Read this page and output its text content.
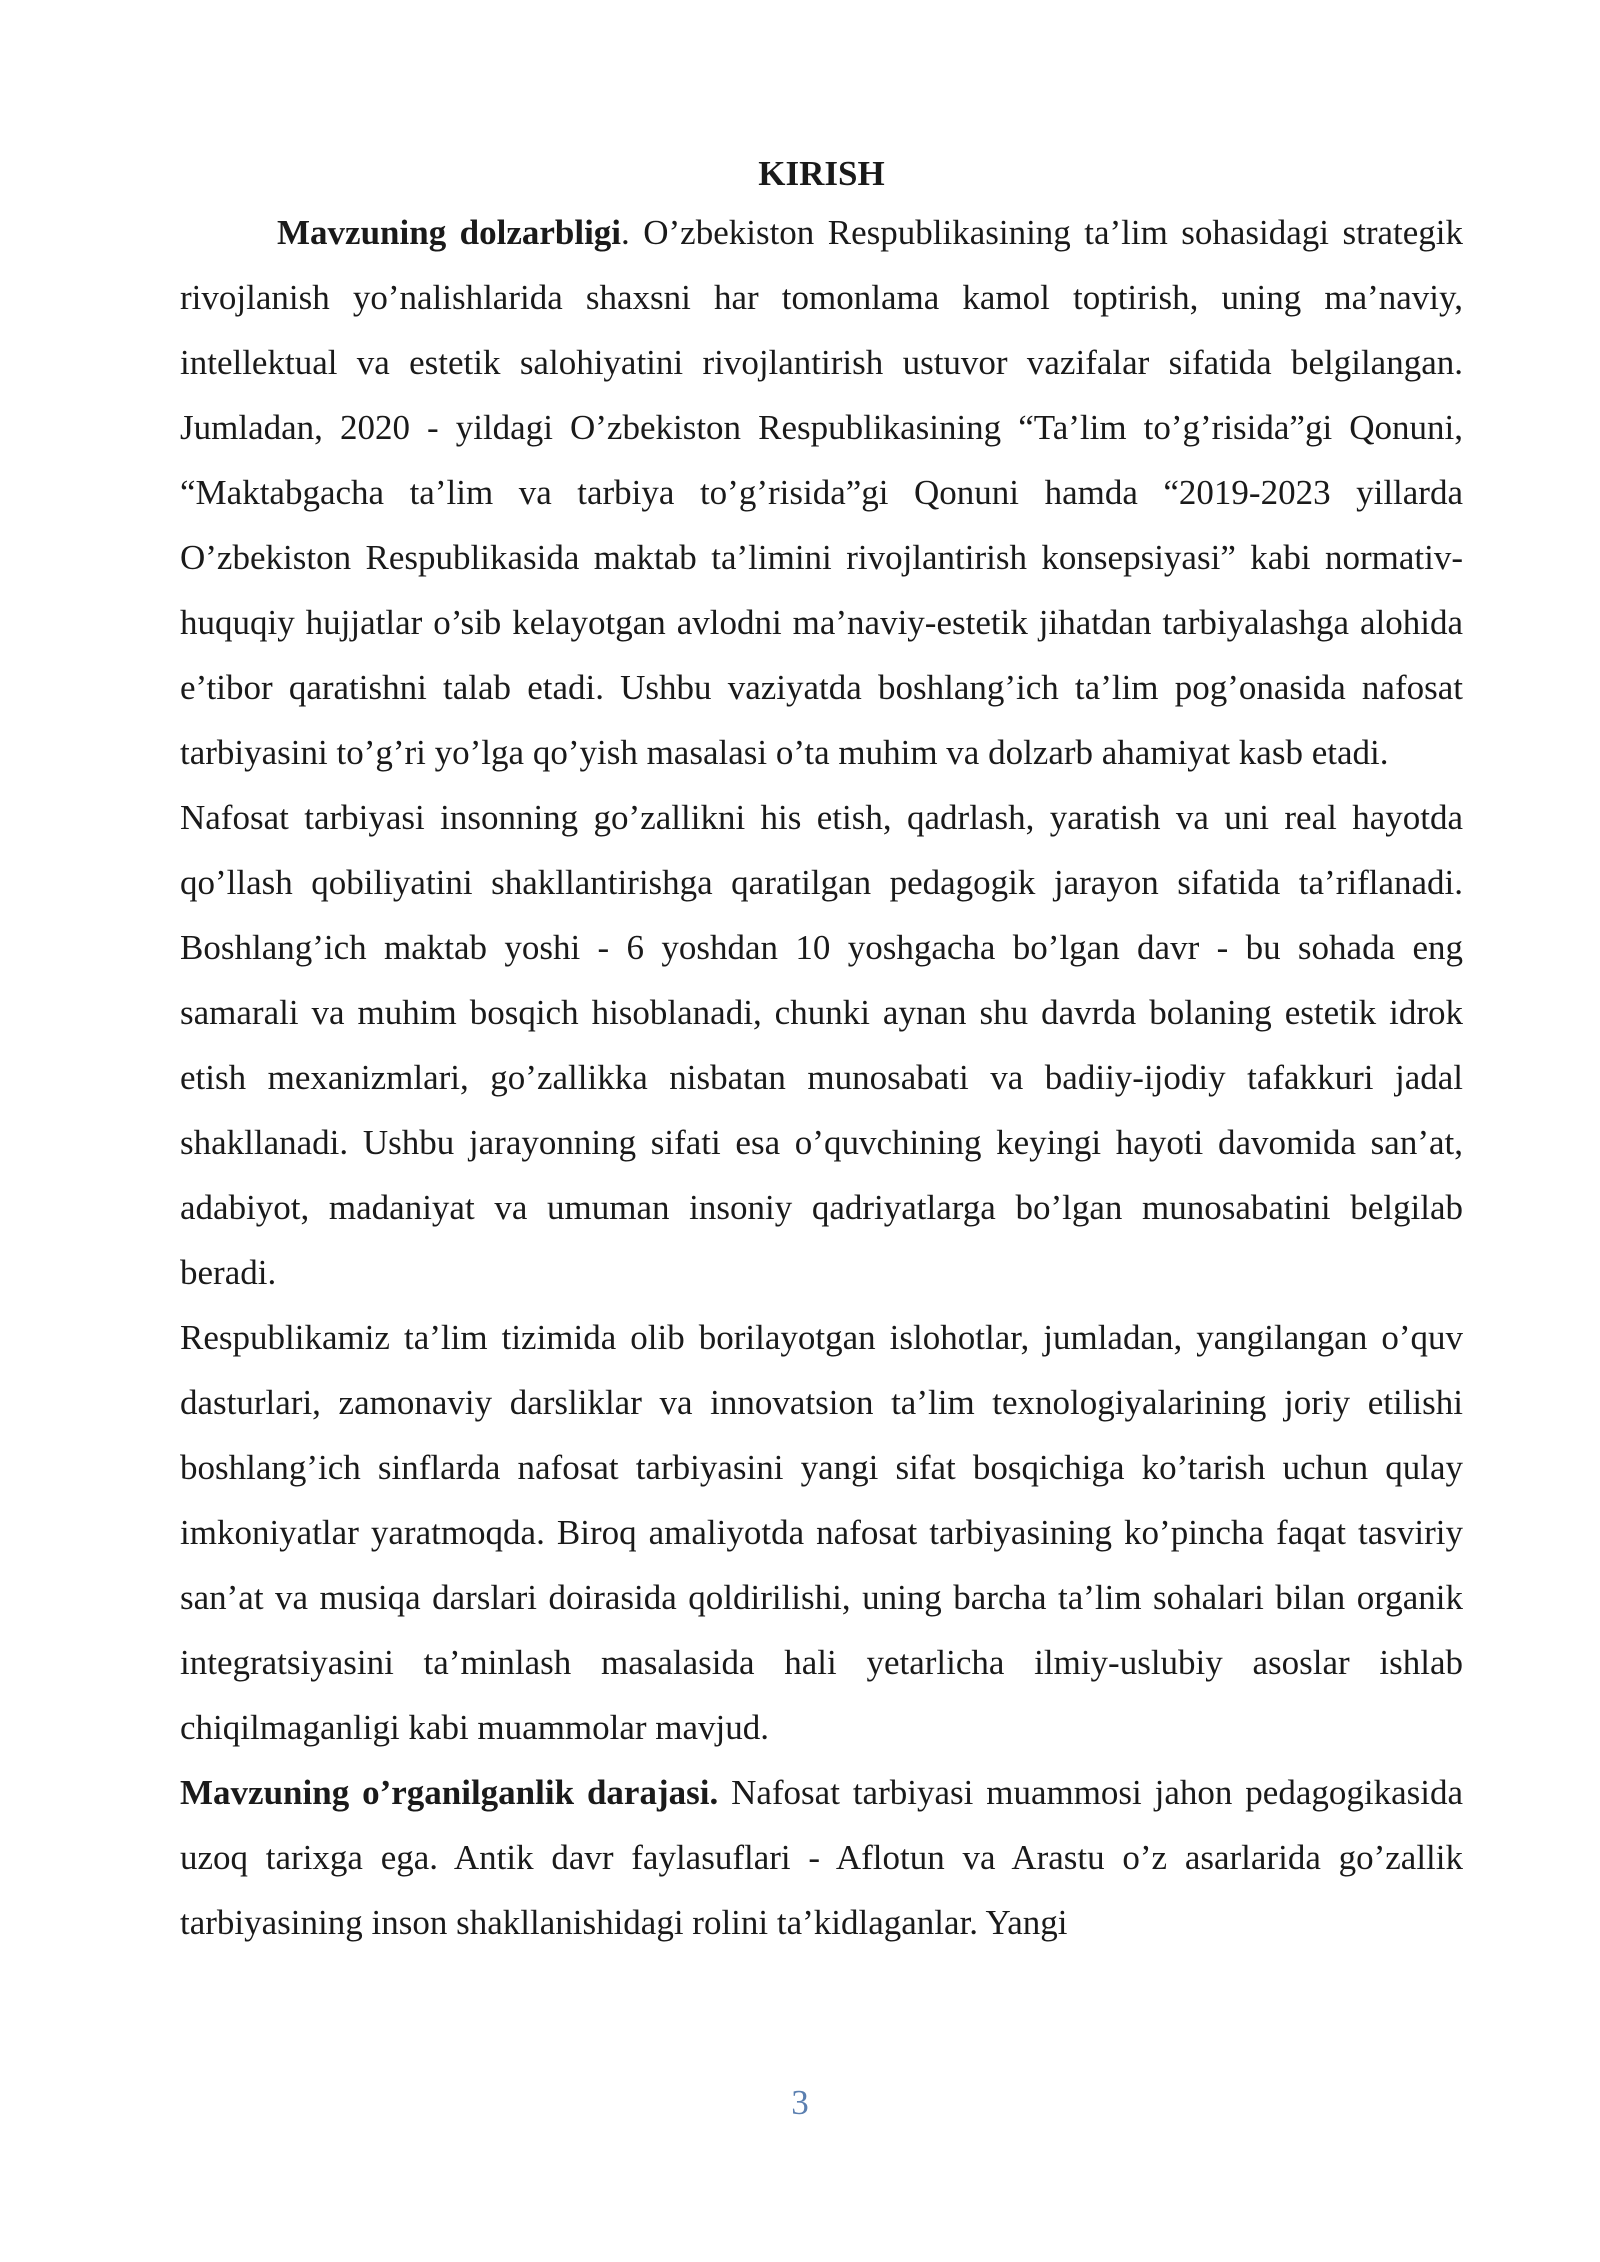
KIRISH

Mavzuning dolzarbligi. O’zbekiston Respublikasining ta’lim sohasidagi strategik rivojlanish yo’nalishlarida shaxsni har tomonlama kamol toptirish, uning ma’naviy, intellektual va estetik salohiyatini rivojlantirish ustuvor vazifalar sifatida belgilangan. Jumladan, 2020 - yildagi O’zbekiston Respublikasining “Ta’lim to’g’risida”gi Qonuni, “Maktabgacha ta’lim va tarbiya to’g’risida”gi Qonuni hamda “2019-2023 yillarda O’zbekiston Respublikasida maktab ta’limini rivojlantirish konsepsiyasi” kabi normativ-huquqiy hujjatlar o’sib kelayotgan avlodni ma’naviy-estetik jihatdan tarbiyalashga alohida e’tibor qaratishni talab etadi. Ushbu vaziyatda boshlang’ich ta’lim pog’onasida nafosat tarbiyasini to’g’ri yo’lga qo’yish masalasi o’ta muhim va dolzarb ahamiyat kasb etadi.

Nafosat tarbiyasi insonning go’zallikni his etish, qadrlash, yaratish va uni real hayotda qo’llash qobiliyatini shakllantirishga qaratilgan pedagogik jarayon sifatida ta’riflanadi. Boshlang’ich maktab yoshi - 6 yoshdan 10 yoshgacha bo’lgan davr - bu sohada eng samarali va muhim bosqich hisoblanadi, chunki aynan shu davrda bolaning estetik idrok etish mexanizmlari, go’zallikka nisbatan munosabati va badiiy-ijodiy tafakkuri jadal shakllanadi. Ushbu jarayonning sifati esa o’quvchining keyingi hayoti davomida san’at, adabiyot, madaniyat va umuman insoniy qadriyatlarga bo’lgan munosabatini belgilab beradi.

Respublikamiz ta’lim tizimida olib borilayotgan islohotlar, jumladan, yangilangan o’quv dasturlari, zamonaviy darsliklar va innovatsion ta’lim texnologiyalarining joriy etilishi boshlang’ich sinflarda nafosat tarbiyasini yangi sifat bosqichiga ko’tarish uchun qulay imkoniyatlar yaratmoqda. Biroq amaliyotda nafosat tarbiyasining ko’pincha faqat tasviriy san’at va musiqa darslari doirasida qoldirilishi, uning barcha ta’lim sohalari bilan organik integratsiyasini ta’minlash masalasida hali yetarlicha ilmiy-uslubiy asoslar ishlab chiqilmaganligi kabi muammolar mavjud.

Mavzuning o’rganilganlik darajasi. Nafosat tarbiyasi muammosi jahon pedagogikasida uzoq tarixga ega. Antik davr faylasuflari - Aflotun va Arastu o’z asarlarida go’zallik tarbiyasining inson shakllanishidagi rolini ta’kidlaganlar. Yangi

3
